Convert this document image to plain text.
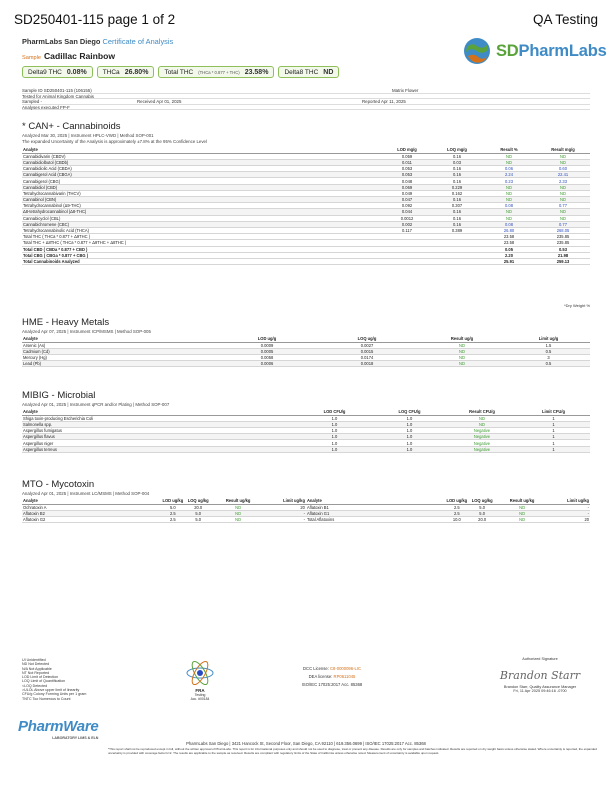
SD250401-115 page 1 of 2	QA Testing
PharmLabs San Diego Certificate of Analysis
Sample Cadillac Rainbow
Delta9 THC 0.08% THCa 26.80% Total THC (THCa * 0.877 + THC) 23.58% Delta8 THC ND
SDPharmLabs
Sample ID SD250401-115 (106155)	Matrix Flower
Tested for Animal Kingdom Cannabis
Sampled -	Received Apr 01, 2025	Reported Apr 11, 2025
Analyses executed FP-F
* CAN+ - Cannabinoids
Analyzed Mar 30, 2025 | Instrument HPLC-VWD | Method SOP-001
The expanded Uncertainty of the Analysis is approximately ±7.8% at the 95% Confidence Level
Analyte	LOD mg/g	LOQ mg/g	Result %	Result mg/g
Cannabidivarin (CBDV)	0.059	0.16	ND	ND
Cannabidiolbutol (CBDb)	0.011	0.03	ND	ND
Cannabidiolic Acid (CBDA)	0.053	0.16	0.06	0.60
Cannabigerol Acid (CBGA)	0.053	0.16	2.24	22.41
Cannabigerol (CBG)	0.048	0.16	0.23	2.33
Cannabidiol (CBD)	0.069	0.229	ND	ND
Tetrahydrocannabivarin (THCV)	0.049	0.162	ND	ND
Cannabinol (CBN)	0.047	0.16	ND	ND
Tetrahydrocannabinol (Δ9-THC)	0.092	0.307	0.08	0.77
Δ8-tetrahydrocannabinol (Δ8-THC)	0.044	0.16	ND	ND
Cannabicyclol (CBL)	0.0012	0.16	ND	ND
Cannabichromene (CBC)	0.002	0.16	0.08	0.77
Tetrahydrocannabinolic Acid (THCA)	0.117	0.389	26.80	268.05
Total THC ( THCa * 0.877 + Δ9THC )			23.58	235.85
Total THC + Δ8THC ( THCa * 0.877 + Δ9THC + Δ8THC )			23.58	235.85
Total CBD ( CBDa * 0.877 + CBD )			0.05	0.53
Total CBG ( CBGa * 0.877 + CBG )			2.20	21.98
Total Cannabinoids Analyzed			25.91	259.13
*Dry Weight %
HME - Heavy Metals
Analyzed Apr 07, 2025 | Instrument ICP/MSMS | Method SOP-005
Analyte	LOD ug/g	LOQ ug/g	Result ug/g	Limit ug/g
Arsenic (As)	0.0009	0.0027	ND	1.5
Cadmium (Cd)	0.0005	0.0015	ND	0.5
Mercury (Hg)	0.0058	0.0174	ND	3
Lead (Pb)	0.0006	0.0018	ND	0.5
MIBIG - Microbial
Analyzed Apr 01, 2025 | Instrument qPCR and/or Plating | Method SOP-007
Analyte	LOD CFU/g	LOQ CFU/g	Result CFU/g	Limit CFU/g
Shiga toxin-producing Escherichia Coli	1.0	1.0	ND	1
Salmonella spp.	1.0	1.0	ND	1
Aspergillus fumigatus	1.0	1.0	Negative	1
Aspergillus flavus	1.0	1.0	Negative	1
Aspergillus niger	1.0	1.0	Negative	1
Aspergillus terreus	1.0	1.0	Negative	1
MTO - Mycotoxin
Analyzed Apr 01, 2025 | Instrument LC/MSMS | Method SOP-004
Analyte	LOD ug/kg	LOQ ug/kg	Result ug/kg	Limit ug/kg	Analyte	LOD ug/kg	LOQ ug/kg	Result ug/kg	Limit ug/kg
Ochratoxin A	5.0	20.0	ND	20	Aflatoxin B1	2.5	5.0	ND	-
Aflatoxin B2	2.5	5.0	ND	-	Aflatoxin G1	2.5	5.0	ND	-
Aflatoxin G2	2.5	5.0	ND	-	Total Aflatoxins	10.0	20.0	ND	20
UI Unidentified
ND Not Detected
N/A Not Applicable
NT Not Reported
LOD Limit of Detection
LOQ Limit of Quantification
<LOQ Detected
>ULOL Above upper limit of linearity
CFU/g Colony Forming Units per 1 gram
TNTC Too Numerous to Count
PharmWare
LABORATORY LIMS & ELN
FRA
Testing
Acc. #00184
DCC License: C8-0000096-LIC
DEA license: RP0611045
ISO/IEC 17025:2017 Acc. 85368
Authorized Signature
Brandon Starr
Brandon Starr, Quality Assurance Manager
Fri, 11 Apr 2025 09:46:16 -0700
PharmLabs San Diego | 3421 Hancock St, Second Floor, San Diego, CA 92110 | 619.356.0699 | ISO/IEC 17025:2017 Acc. 85368
*This report shall not be reproduced except in full, without the written approval of PharmLabs. This report is for informational purposes only and should not be used to diagnose, treat or prevent any disease. Results are only for samples and batches indicated. Results are reported on dry weight basis unless otherwise stated. Where uncertainty is reported, the expanded uncertainty is provided with coverage factor k=2. The results are applicable to the sample as received. Results are compliant with regulatory limits of the State of California unless otherwise noted. Measurement of uncertainty is available upon request.
